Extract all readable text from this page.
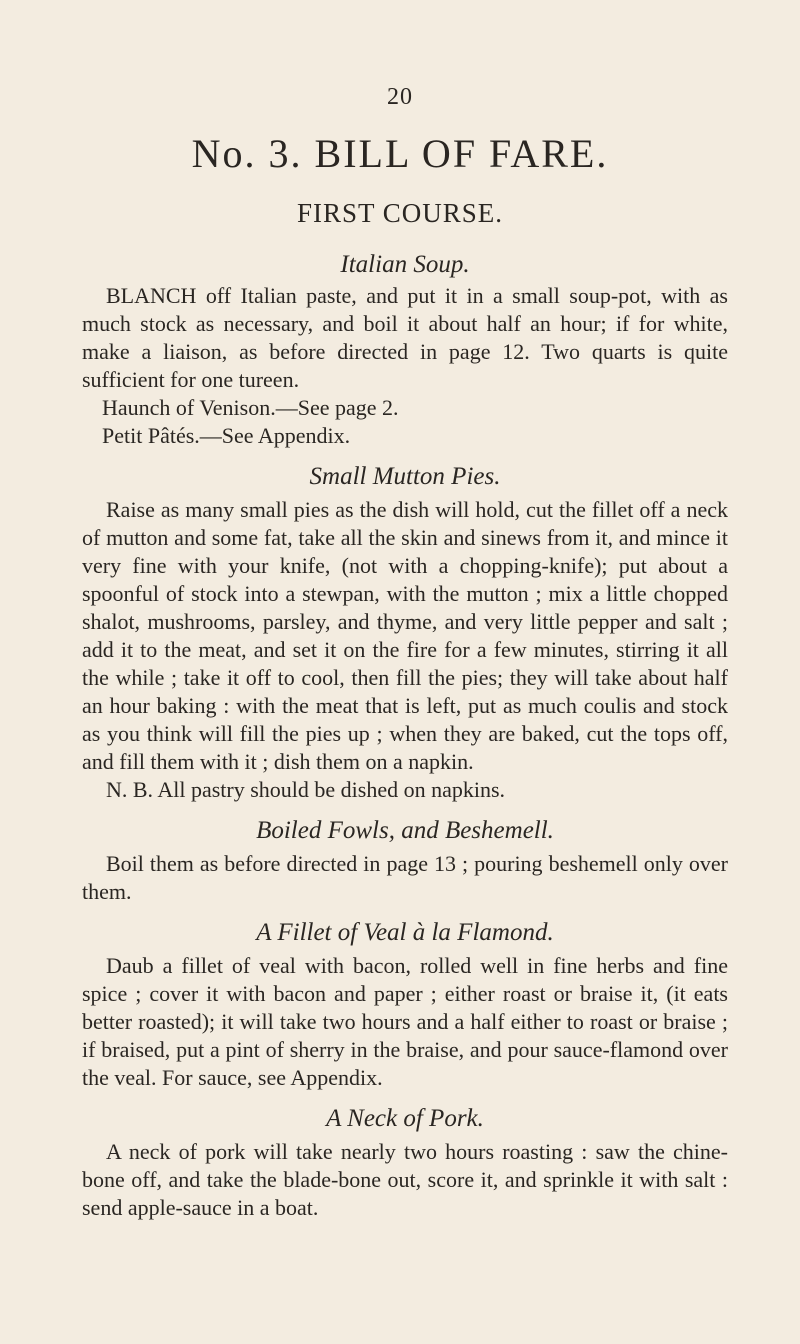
20
No. 3. BILL OF FARE.
FIRST COURSE.

Italian Soup.

BLANCH off Italian paste, and put it in a small soup-pot, with as much stock as necessary, and boil it about half an hour; if for white, make a liaison, as before directed in page 12. Two quarts is quite sufficient for one tureen.

Haunch of Venison.—See page 2.

Petit Pâtés.—See Appendix.

Small Mutton Pies.

Raise as many small pies as the dish will hold, cut the fillet off a neck of mutton and some fat, take all the skin and sinews from it, and mince it very fine with your knife, (not with a chopping-knife); put about a spoonful of stock into a stewpan, with the mutton ; mix a little chopped shalot, mushrooms, parsley, and thyme, and very little pepper and salt ; add it to the meat, and set it on the fire for a few minutes, stirring it all the while ; take it off to cool, then fill the pies; they will take about half an hour baking : with the meat that is left, put as much coulis and stock as you think will fill the pies up ; when they are baked, cut the tops off, and fill them with it ; dish them on a napkin.

N. B. All pastry should be dished on napkins.

Boiled Fowls, and Beshemell.

Boil them as before directed in page 13 ; pouring beshemell only over them.

A Fillet of Veal à la Flamond.

Daub a fillet of veal with bacon, rolled well in fine herbs and fine spice ; cover it with bacon and paper ; either roast or braise it, (it eats better roasted); it will take two hours and a half either to roast or braise ; if braised, put a pint of sherry in the braise, and pour sauce-flamond over the veal. For sauce, see Appendix.

A Neck of Pork.

A neck of pork will take nearly two hours roasting : saw the chine-bone off, and take the blade-bone out, score it, and sprinkle it with salt : send apple-sauce in a boat.
